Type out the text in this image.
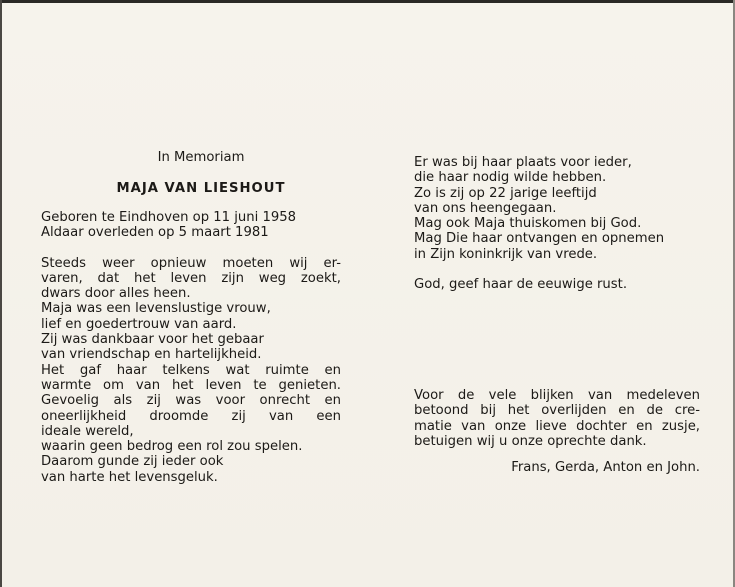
In Memoriam

MAJA VAN LIESHOUT

Geboren te Eindhoven op 11 juni 1958
Aldaar overleden op 5 maart 1981
Steeds weer opnieuw moeten wij er-
varen, dat het leven zijn weg zoekt,
dwars door alles heen.
Maja was een levenslustige vrouw,
lief en goedertrouw van aard.
Zij was dankbaar voor het gebaar
van vriendschap en hartelijkheid.
Het gaf haar telkens wat ruimte en
warmte om van het leven te genieten.
Gevoelig als zij was voor onrecht en
oneerlijkheid droomde zij van een
ideale wereld,
waarin geen bedrog een rol zou spelen.
Daarom gunde zij ieder ook
van harte het levensgeluk.
Er was bij haar plaats voor ieder,
die haar nodig wilde hebben.
Zo is zij op 22 jarige leeftijd
van ons heengegaan.
Mag ook Maja thuiskomen bij God.
Mag Die haar ontvangen en opnemen
in Zijn koninkrijk van vrede.
God, geef haar de eeuwige rust.
Voor de vele blijken van medeleven
betoond bij het overlijden en de cre-
matie van onze lieve dochter en zusje,
betuigen wij u onze oprechte dank.
Frans, Gerda, Anton en John.
